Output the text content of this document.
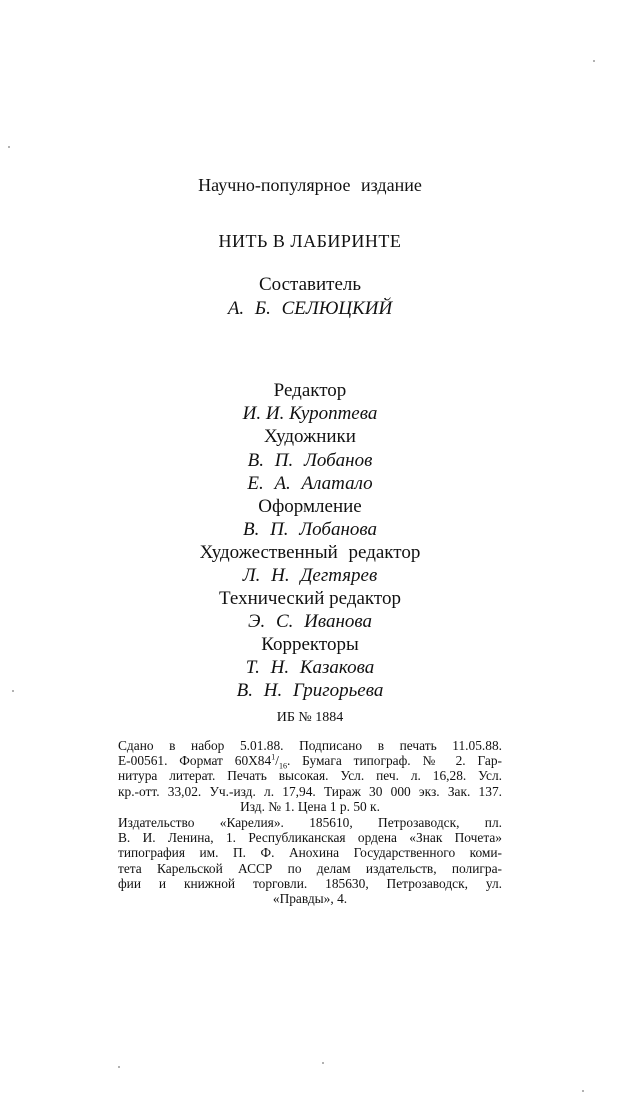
Научно-популярное издание
НИТЬ В ЛАБИРИНТЕ
Составитель
А. Б. СЕЛЮЦКИЙ
Редактор
И. И. Куроптева
Художники
В. П. Лобанов
Е. А. Алатало
Оформление
В. П. Лобанова
Художественный редактор
Л. Н. Дегтярев
Технический редактор
Э. С. Иванова
Корректоры
Т. Н. Казакова
В. Н. Григорьева
ИБ № 1884
Сдано в набор 5.01.88. Подписано в печать 11.05.88.
Е-00561. Формат $60Х84^1/_{16}$. Бумага типограф. № 2. Гар-
нитура литерат. Печать высокая. Усл. печ. л. 16,28. Усл.
кр.-отт. 33,02. Уч.-изд. л. 17,94. Тираж 30 000 экз. Зак. 137.
Изд. № 1. Цена 1 р. 50 к.
Издательство «Карелия». 185610, Петрозаводск, пл.
В. И. Ленина, 1. Республиканская ордена «Знак Почета»
типография им. П. Ф. Анохина Государственного коми-
тета Карельской АССР по делам издательств, полигра-
фии и книжной торговли. 185630, Петрозаводск, ул.
«Правды», 4.
